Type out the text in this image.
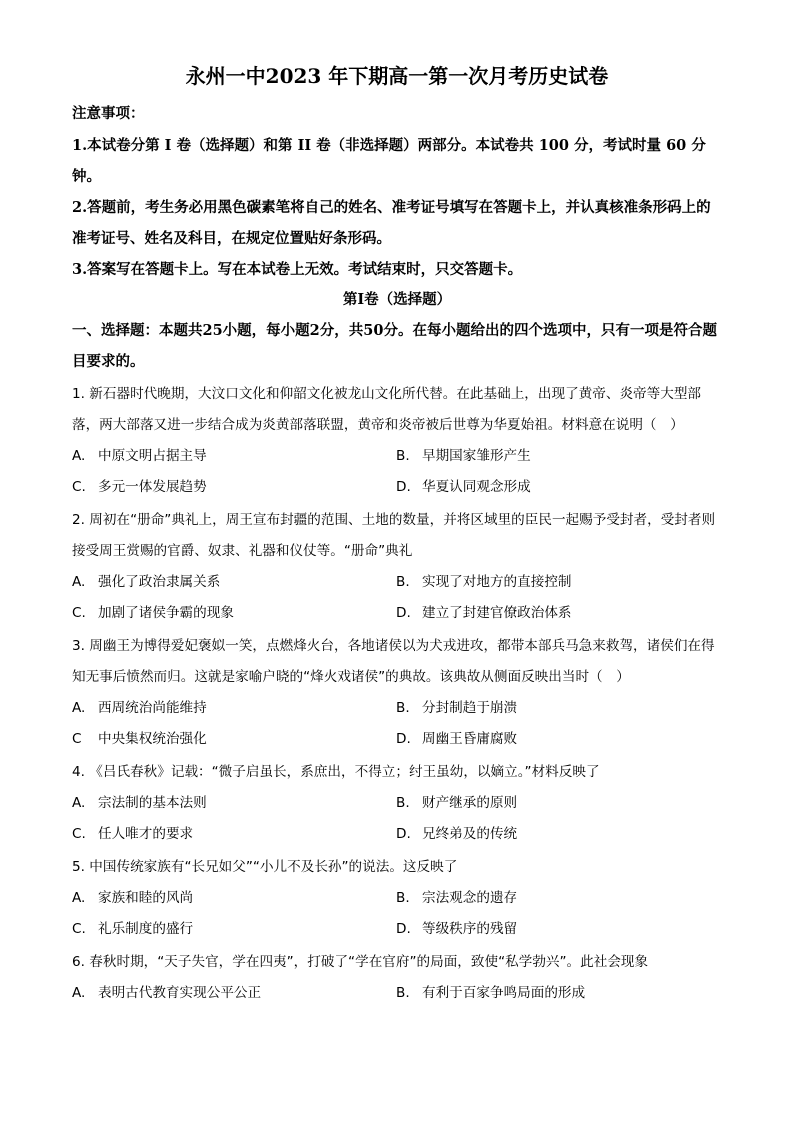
永州一中2023 年下期高一第一次月考历史试卷

注意事项：

1.本试卷分第 I 卷（选择题）和第 II 卷（非选择题）两部分。本试卷共 100 分，考试时量 60 分钟。

2.答题前，考生务必用黑色碳素笔将自己的姓名、准考证号填写在答题卡上，并认真核准条形码上的准考证号、姓名及科目，在规定位置贴好条形码。

3.答案写在答题卡上。写在本试卷上无效。考试结束时，只交答题卡。

第Ⅰ卷（选择题）

一、选择题：本题共25小题，每小题2分，共50分。在每小题给出的四个选项中，只有一项是符合题目要求的。

1. 新石器时代晚期，大汶口文化和仰韶文化被龙山文化所代替。在此基础上，出现了黄帝、炎帝等大型部落，两大部落又进一步结合成为炎黄部落联盟，黄帝和炎帝被后世尊为华夏始祖。材料意在说明（　）

A. 中原文明占据主导	B. 早期国家雏形产生
C. 多元一体发展趋势	D. 华夏认同观念形成

2. 周初在“册命”典礼上，周王宣布封疆的范围、土地的数量，并将区域里的臣民一起赐予受封者，受封者则接受周王赏赐的官爵、奴隶、礼器和仪仗等。“册命”典礼

A. 强化了政治隶属关系	B. 实现了对地方的直接控制
C. 加剧了诸侯争霸的现象	D. 建立了封建官僚政治体系

3. 周幽王为博得爱妃褒姒一笑，点燃烽火台，各地诸侯以为犬戎进攻，都带本部兵马急来救驾，诸侯们在得知无事后愤然而归。这就是家喻户晓的“烽火戏诸侯”的典故。该典故从侧面反映出当时（　）

A. 西周统治尚能维持	B. 分封制趋于崩溃
C 中央集权统治强化	D. 周幽王昏庸腐败

4. 《吕氏春秋》记载：“微子启虽长，系庶出，不得立；纣王虽幼，以嫡立。”材料反映了

A. 宗法制的基本法则	B. 财产继承的原则
C. 任人唯才的要求	D. 兄终弟及的传统

5. 中国传统家族有“长兄如父”“小儿不及长孙”的说法。这反映了

A. 家族和睦的风尚	B. 宗法观念的遗存
C. 礼乐制度的盛行	D. 等级秩序的残留

6. 春秋时期，“天子失官，学在四夷”，打破了“学在官府”的局面，致使“私学勃兴”。此社会现象

A. 表明古代教育实现公平公正	B. 有利于百家争鸣局面的形成
